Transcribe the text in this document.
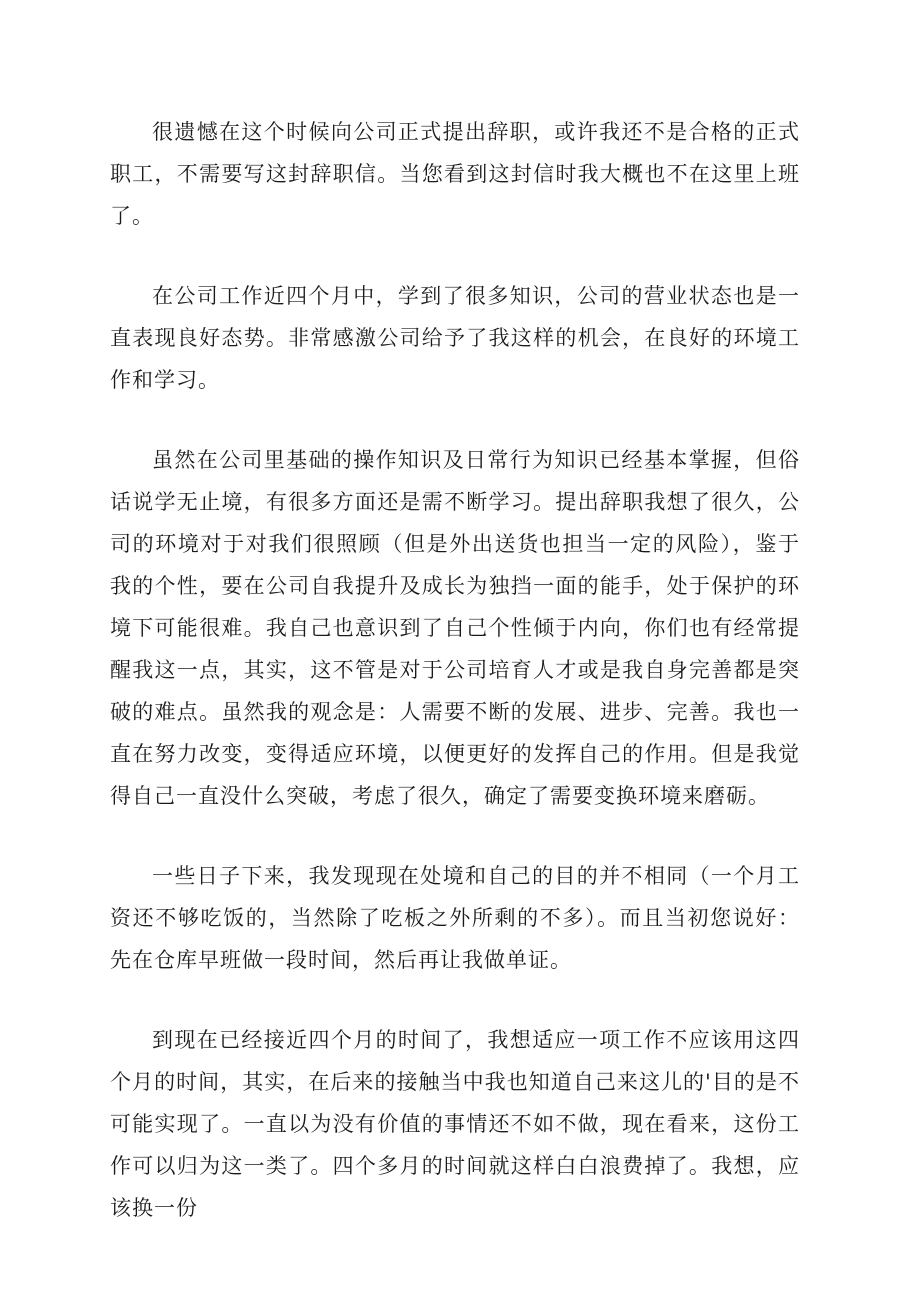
很遗憾在这个时候向公司正式提出辞职，或许我还不是合格的正式职工，不需要写这封辞职信。当您看到这封信时我大概也不在这里上班了。

在公司工作近四个月中，学到了很多知识，公司的营业状态也是一直表现良好态势。非常感激公司给予了我这样的机会，在良好的环境工作和学习。

虽然在公司里基础的操作知识及日常行为知识已经基本掌握，但俗话说学无止境，有很多方面还是需不断学习。提出辞职我想了很久，公司的环境对于对我们很照顾（但是外出送货也担当一定的风险），鉴于我的个性，要在公司自我提升及成长为独挡一面的能手，处于保护的环境下可能很难。我自己也意识到了自己个性倾于内向，你们也有经常提醒我这一点，其实，这不管是对于公司培育人才或是我自身完善都是突破的难点。虽然我的观念是：人需要不断的发展、进步、完善。我也一直在努力改变，变得适应环境，以便更好的发挥自己的作用。但是我觉得自己一直没什么突破，考虑了很久，确定了需要变换环境来磨砺。

一些日子下来，我发现现在处境和自己的目的并不相同（一个月工资还不够吃饭的，当然除了吃板之外所剩的不多）。而且当初您说好：先在仓库早班做一段时间，然后再让我做单证。

到现在已经接近四个月的时间了，我想适应一项工作不应该用这四个月的时间，其实，在后来的接触当中我也知道自己来这儿的'目的是不可能实现了。一直以为没有价值的事情还不如不做，现在看来，这份工作可以归为这一类了。四个多月的时间就这样白白浪费掉了。我想，应该换一份
